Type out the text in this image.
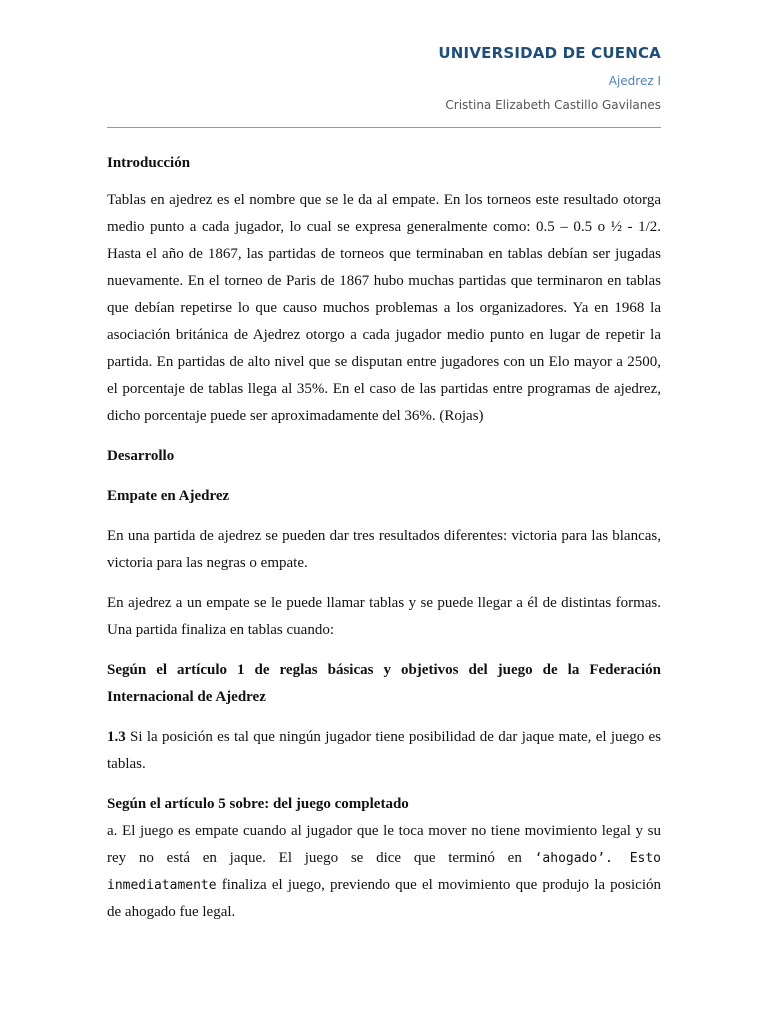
UNIVERSIDAD DE CUENCA
Ajedrez I
Cristina Elizabeth Castillo Gavilanes

Introducción

Tablas en ajedrez es el nombre que se le da al empate. En los torneos este resultado otorga medio punto a cada jugador, lo cual se expresa generalmente como: 0.5 – 0.5 o ½ - 1/2. Hasta el año de 1867, las partidas de torneos que terminaban en tablas debían ser jugadas nuevamente. En el torneo de Paris de 1867 hubo muchas partidas que terminaron en tablas que debían repetirse lo que causo muchos problemas a los organizadores. Ya en 1968 la asociación británica de Ajedrez otorgo a cada jugador medio punto en lugar de repetir la partida. En partidas de alto nivel que se disputan entre jugadores con un Elo mayor a 2500, el porcentaje de tablas llega al 35%. En el caso de las partidas entre programas de ajedrez, dicho porcentaje puede ser aproximadamente del 36%. (Rojas)

Desarrollo

Empate en Ajedrez

En una partida de ajedrez se pueden dar tres resultados diferentes: victoria para las blancas, victoria para las negras o empate.

En ajedrez a un empate se le puede llamar tablas y se puede llegar a él de distintas formas. Una partida finaliza en tablas cuando:

Según el artículo 1 de reglas básicas y objetivos del juego de la Federación Internacional de Ajedrez

1.3 Si la posición es tal que ningún jugador tiene posibilidad de dar jaque mate, el juego es tablas.

Según el artículo 5 sobre: del juego completado

a. El juego es empate cuando al jugador que le toca mover no tiene movimiento legal y su rey no está en jaque. El juego se dice que terminó en ‘ahogado’. Esto inmediatamente finaliza el juego, previendo que el movimiento que produjo la posición de ahogado fue legal.
